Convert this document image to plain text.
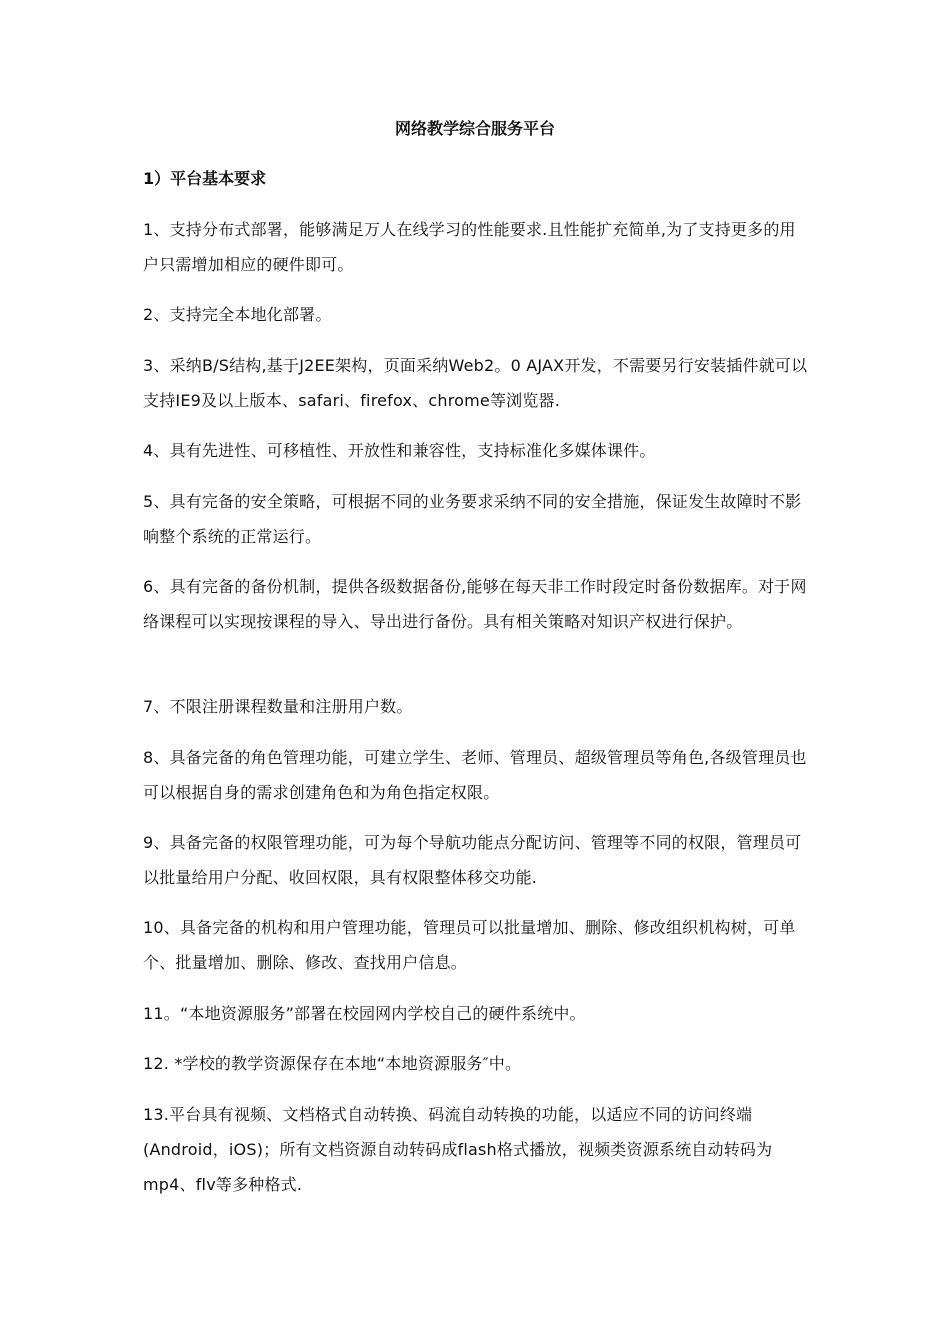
网络教学综合服务平台
1）平台基本要求
1、支持分布式部署，能够满足万人在线学习的性能要求.且性能扩充简单,为了支持更多的用户只需增加相应的硬件即可。
2、支持完全本地化部署。
3、采纳B/S结构,基于J2EE架构，页面采纳Web2。0 AJAX开发，不需要另行安装插件就可以支持IE9及以上版本、safari、firefox、chrome等浏览器.
4、具有先进性、可移植性、开放性和兼容性，支持标准化多媒体课件。
5、具有完备的安全策略，可根据不同的业务要求采纳不同的安全措施，保证发生故障时不影响整个系统的正常运行。
6、具有完备的备份机制，提供各级数据备份,能够在每天非工作时段定时备份数据库。对于网络课程可以实现按课程的导入、导出进行备份。具有相关策略对知识产权进行保护。
7、不限注册课程数量和注册用户数。
8、具备完备的角色管理功能，可建立学生、老师、管理员、超级管理员等角色,各级管理员也可以根据自身的需求创建角色和为角色指定权限。
9、具备完备的权限管理功能，可为每个导航功能点分配访问、管理等不同的权限，管理员可以批量给用户分配、收回权限，具有权限整体移交功能.
10、具备完备的机构和用户管理功能，管理员可以批量增加、删除、修改组织机构树，可单个、批量增加、删除、修改、查找用户信息。
11。“本地资源服务”部署在校园网内学校自己的硬件系统中。
12. *学校的教学资源保存在本地“本地资源服务″中。
13.平台具有视频、文档格式自动转换、码流自动转换的功能，以适应不同的访问终端(Android，iOS)；所有文档资源自动转码成flash格式播放，视频类资源系统自动转码为mp4、flv等多种格式.
